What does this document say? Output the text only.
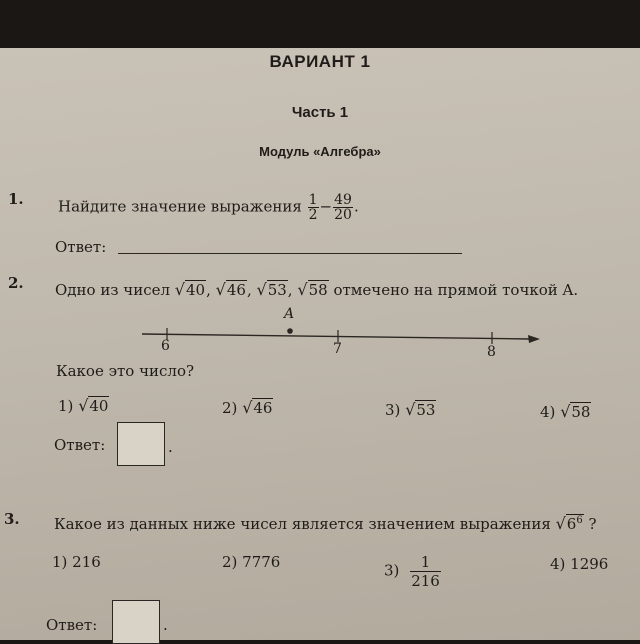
ВАРИАНТ 1
Часть 1
Модуль «Алгебра»
1. Найдите значение выражения $\frac{1}{2} - \frac{49}{20}$ .
Ответ:
2. Одно из чисел √40, √46, √53, √58 отмечено на прямой точкой A.
A
6	7	8
Какое это число?
1) √40	2) √46	3) √53	4) √58
Ответ:	.
3. Какое из данных ниже чисел является значением выражения $√6^6$ ?
1) 216	2) 7776	$3) \frac{1}{216}$	4) 1296
Ответ:	.
